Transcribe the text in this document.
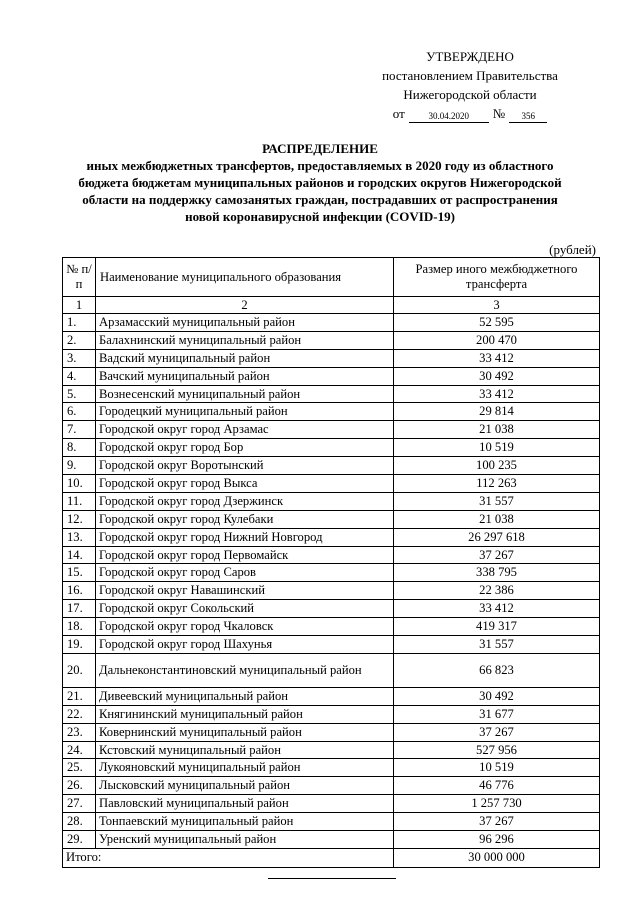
УТВЕРЖДЕНО
постановлением Правительства
Нижегородской области
от	30.04.2020	№	356
РАСПРЕДЕЛЕНИЕ
иных межбюджетных трансфертов, предоставляемых в 2020 году из областного бюджета бюджетам муниципальных районов и городских округов Нижегородской области на поддержку самозанятых граждан, пострадавших от распространения новой коронавирусной инфекции (COVID-19)
(рублей)
№ п/п	Наименование муниципального образования	Размер иного межбюджетного трансферта
1	2	3
1.	Арзамасский муниципальный район	52 595
2.	Балахнинский муниципальный район	200 470
3.	Вадский муниципальный район	33 412
4.	Вачский муниципальный район	30 492
5.	Вознесенский муниципальный район	33 412
6.	Городецкий муниципальный район	29 814
7.	Городской округ город Арзамас	21 038
8.	Городской округ город Бор	10 519
9.	Городской округ Воротынский	100 235
10.	Городской округ город Выкса	112 263
11.	Городской округ город Дзержинск	31 557
12.	Городской округ город Кулебаки	21 038
13.	Городской округ город Нижний Новгород	26 297 618
14.	Городской округ город Первомайск	37 267
15.	Городской округ город Саров	338 795
16.	Городской округ Навашинский	22 386
17.	Городской округ Сокольский	33 412
18.	Городской округ город Чкаловск	419 317
19.	Городской округ город Шахунья	31 557
20.	Дальнеконстантиновский муниципальный район	66 823
21.	Дивеевский муниципальный район	30 492
22.	Княгининский муниципальный район	31 677
23.	Ковернинский муниципальный район	37 267
24.	Кстовский муниципальный район	527 956
25.	Лукояновский муниципальный район	10 519
26.	Лысковский муниципальный район	46 776
27.	Павловский муниципальный район	1 257 730
28.	Тонпаевский муниципальный район	37 267
29.	Уренский муниципальный район	96 296
Итого:		30 000 000
